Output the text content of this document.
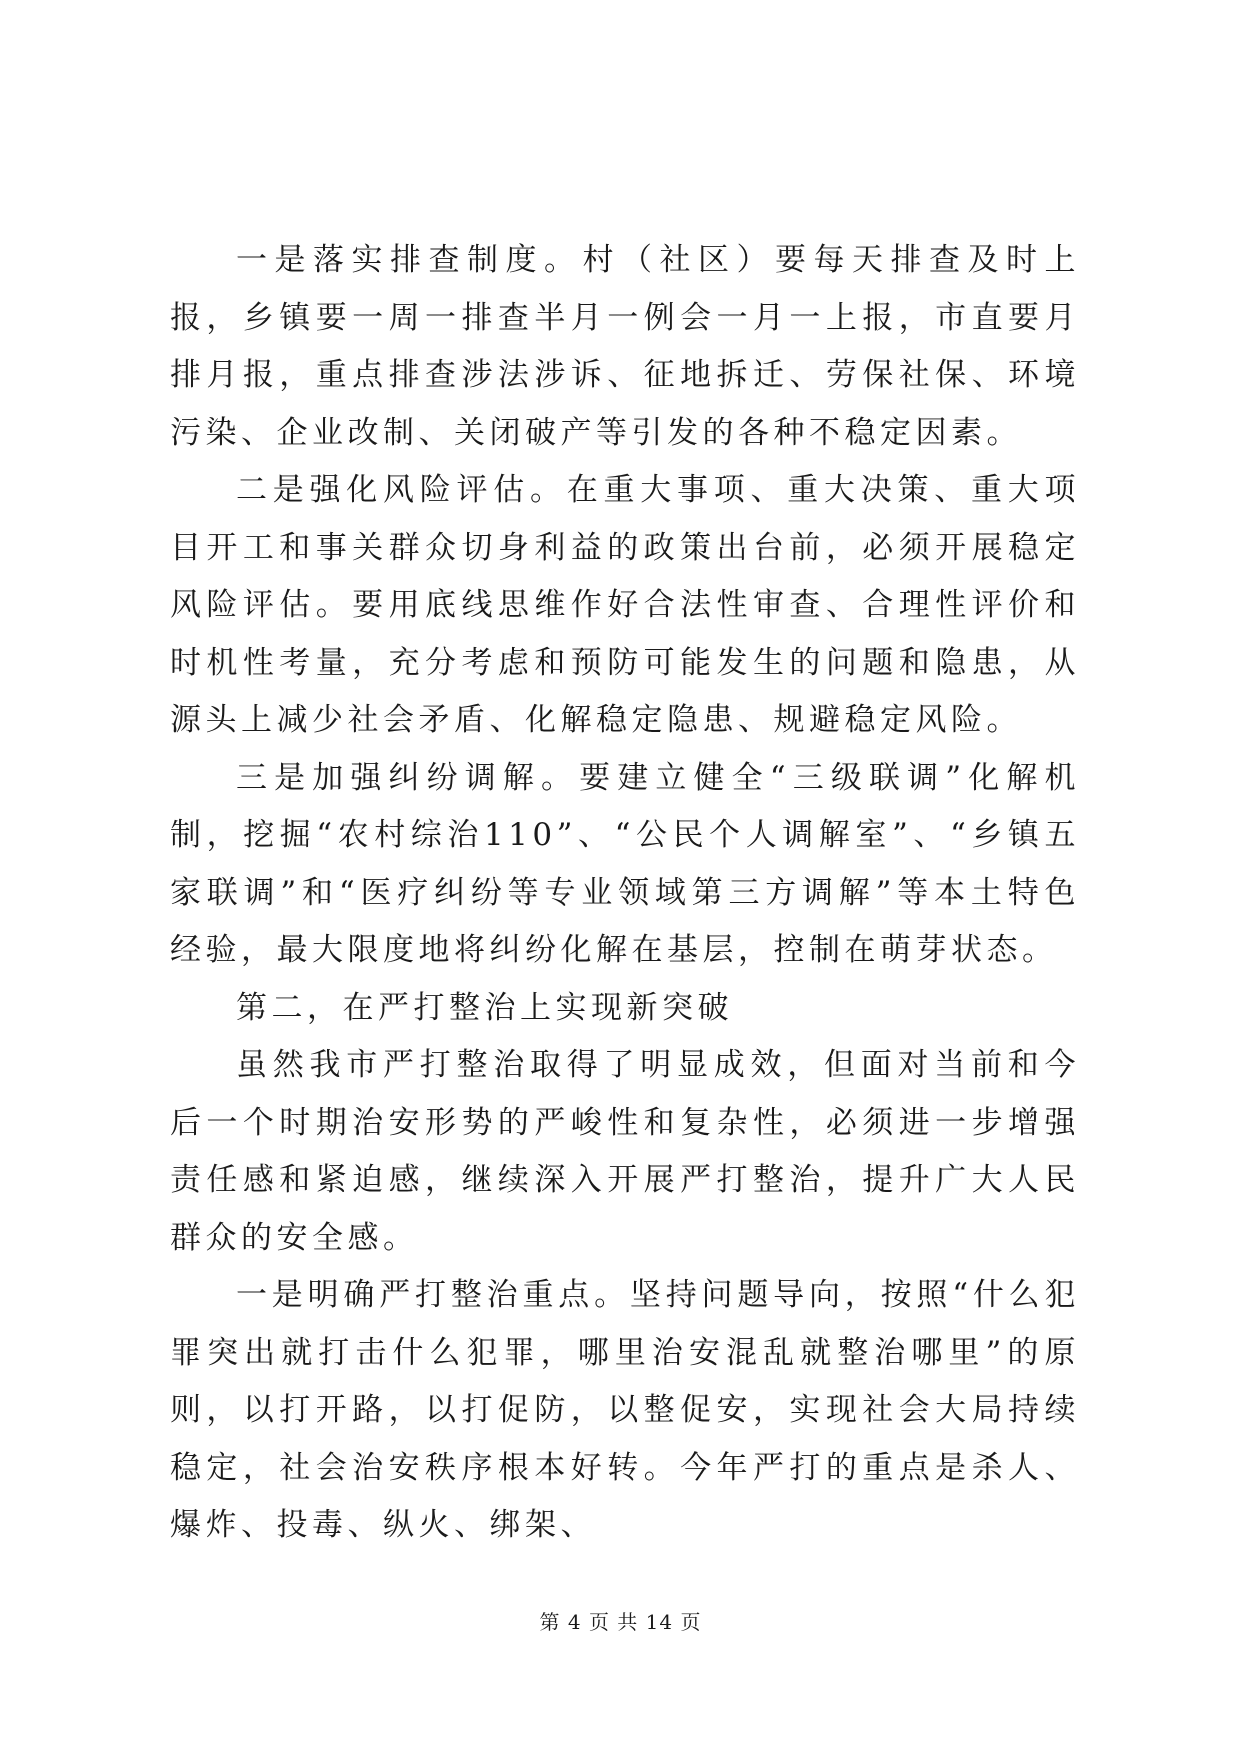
一是落实排查制度。村（社区）要每天排查及时上报，乡镇要一周一排查半月一例会一月一上报，市直要月排月报，重点排查涉法涉诉、征地拆迁、劳保社保、环境污染、企业改制、关闭破产等引发的各种不稳定因素。

二是强化风险评估。在重大事项、重大决策、重大项目开工和事关群众切身利益的政策出台前，必须开展稳定风险评估。要用底线思维作好合法性审查、合理性评价和时机性考量，充分考虑和预防可能发生的问题和隐患，从源头上减少社会矛盾、化解稳定隐患、规避稳定风险。

三是加强纠纷调解。要建立健全“三级联调”化解机制，挖掘“农村综治110”、“公民个人调解室”、“乡镇五家联调”和“医疗纠纷等专业领域第三方调解”等本土特色经验，最大限度地将纠纷化解在基层，控制在萌芽状态。

第二，在严打整治上实现新突破

虽然我市严打整治取得了明显成效，但面对当前和今后一个时期治安形势的严峻性和复杂性，必须进一步增强责任感和紧迫感，继续深入开展严打整治，提升广大人民群众的安全感。

一是明确严打整治重点。坚持问题导向，按照“什么犯罪突出就打击什么犯罪，哪里治安混乱就整治哪里”的原则，以打开路，以打促防，以整促安，实现社会大局持续稳定，社会治安秩序根本好转。今年严打的重点是杀人、爆炸、投毒、纵火、绑架、

第 4 页 共 14 页
